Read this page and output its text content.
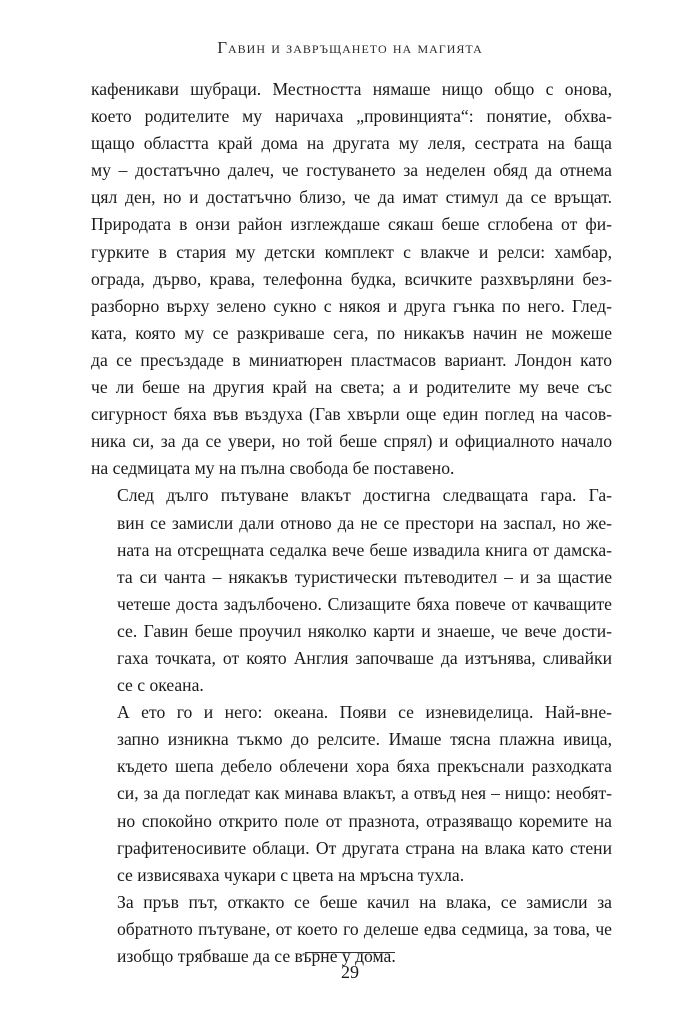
Гавин и завръщането на магията

кафеникави шубраци. Местността нямаше нищо общо с онова,
което родителите му наричаха „провинцията“: понятие, обхва-
щащо областта край дома на другата му леля, сестрата на баща
му – достатъчно далеч, че гостуването за неделен обяд да отнема
цял ден, но и достатъчно близо, че да имат стимул да се връщат.
Природата в онзи район изглеждаше сякаш беше сглобена от фи-
гурките в стария му детски комплект с влакче и релси: хамбар,
ограда, дърво, крава, телефонна будка, всичките разхвърляни без-
разборно върху зелено сукно с някоя и друга гънка по него. Глед-
ката, която му се разкриваше сега, по никакъв начин не можеше
да се пресъздаде в миниатюрен пластмасов вариант. Лондон като
че ли беше на другия край на света; а и родителите му вече със
сигурност бяха във въздуха (Гав хвърли още един поглед на часов-
ника си, за да се увери, но той беше спрял) и официалното начало
на седмицата му на пълна свобода бе поставено.

След дълго пътуване влакът достигна следващата гара. Га-
вин се замисли дали отново да не се престори на заспал, но же-
ната на отсрещната седалка вече беше извадила книга от дамска-
та си чанта – някакъв туристически пътеводител – и за щастие
четеше доста задълбочено. Слизащите бяха повече от качващите
се. Гавин беше проучил няколко карти и знаеше, че вече дости-
гаха точката, от която Англия започваше да изтънява, сливайки
се с океана.

А ето го и него: океана. Появи се изневиделица. Най-вне-
запно изникна тъкмо до релсите. Имаше тясна плажна ивица,
където шепа дебело облечени хора бяха прекъснали разходката
си, за да погледат как минава влакът, а отвъд нея – нищо: необят-
но спокойно открито поле от празнота, отразяващо коремите на
графитеносивите облаци. От другата страна на влака като стени
се извисяваха чукари с цвета на мръсна тухла.

За пръв път, откакто се беше качил на влака, се замисли за
обратното пътуване, от което го делеше едва седмица, за това, че
изобщо трябваше да се върне у дома.

29
